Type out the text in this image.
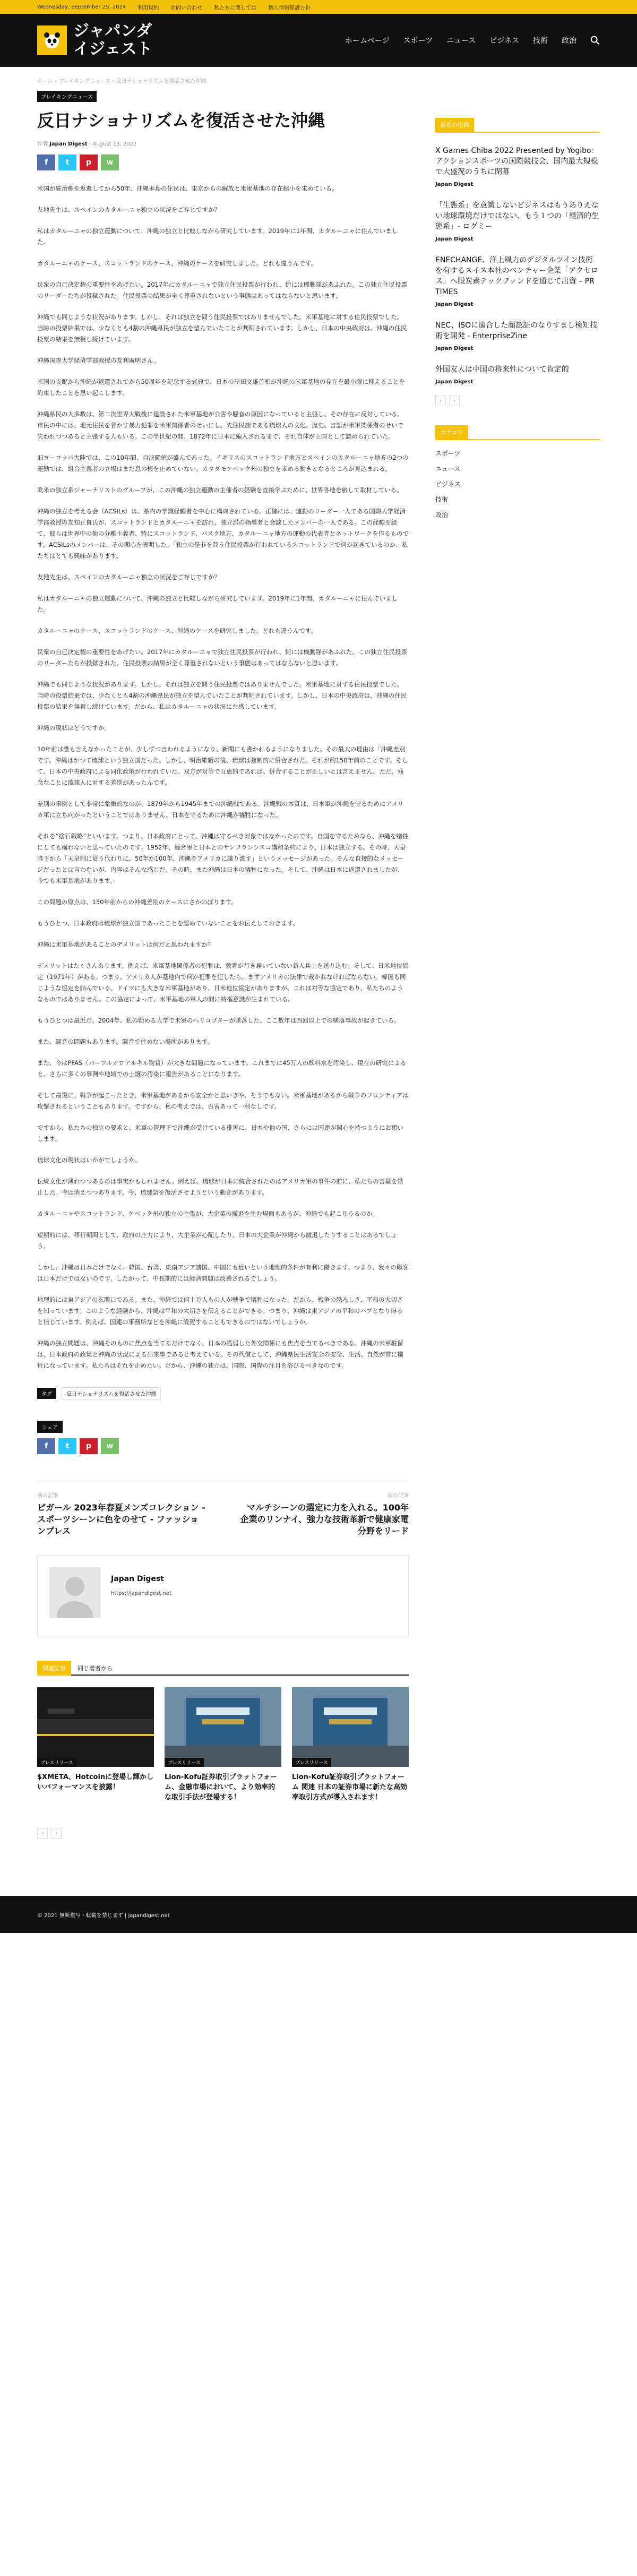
Wednesday, September 25, 2024 利用規約 お問い合わせ 私たちに関しては 個人情報保護方針
ジャパンダ
イジェスト	ホームページ スポーツ ニュース ビジネス 技術 政治
ホーム › ブレイキングニュース › 反日ナショナリズムを復活させた沖縄
ブレイキングニュース
反日ナショナリズムを復活させた沖縄
作者 Japan Digest - August 13, 2022
f t p w

米国が統治権を返還してから50年、沖縄本島の住民は、東京からの解放と米軍基地の存在縮小を求めている。

友地先生は、スペインのカタルーニャ独立の状況をご存じですか？

私はカタルーニャの独立運動について、沖縄の独立と比較しながら研究しています。2019年に1年間、カタルーニャに住んでいました。

カタルーニャのケース、スコットランドのケース、沖縄のケースを研究しました。どれも違うんです。

民衆の自己決定権の重要性をあげたい。2017年にカタルーニャで独立住民投票が行われ、街には機動隊があふれた。この独立住民投票のリーダーたちが投獄された。住民投票の結果が全く尊重されないという事態はあってはならないと思います。

沖縄でも同じような状況があります。しかし、それは独立を問う住民投票ではありませんでした。米軍基地に対する住民投票でした。当時の投票結果では、少なくとも4割の沖縄県民が独立を望んでいたことが判明されています。しかし、日本の中央政府は、沖縄の住民投票の結果を無視し続けています。

沖縄国際大学経済学部教授の友利廣明さん。

米国の支配から沖縄が返還されてから50周年を記念する式典で、日本の岸田文雄首相が沖縄の米軍基地の存在を最小限に抑えることを約束したことを思い起こします。

沖縄県民の大多数は、第二次世界大戦後に建設された米軍基地が公害や騒音の原因になっていると主張し、その存在に反対している。市民の中には、地元住民を脅かす暴力犯罪を米軍関係者のせいにし、先住民族である琉球人の文化、歴史、言語が米軍関係者のせいで失われつつあると主張する人もいる。この半世紀の間、1872年に日本に編入されるまで、それ自体が王国として認められていた。

旧ヨーロッパ大陸では、この10年間、自決闘値が盛んであった。イギリスのスコットランド地方とスペインのカタルーニャ地方の2つの運動では、組合主義者の立場はまだ息の根を止めていない。カタダモケベック州の独立を求める動きとなるところが見込まれる。

欧米の独立系ジャーナリストのグループが、この沖縄の独立運動の主催者の経験を直接学ぶために、世界各地を旅して取材している。

沖縄の独立を考える会（ACSILs）は、県内の学識経験者を中心に構成されている。正確には、運動のリーダー一人である国際大学経済学部教授の友知正貴氏が、スコットランドとカタルーニャを訪れ、独立派の指導者と会談したメンバーの一人である。この経験を経て、彼らは世界中の他の分離主義者、特にスコットランド、バスク地方、カタルーニャ地方の運動の代表者とネットワークを作るものです。ACSILsのメンバーは、その関心を表明した。「独立の是非を問う住民投票が行われているスコットランドで何が起きているのか、私たちはとても興味があります。

友地先生は、スペインのカタルーニャ独立の状況をご存じですか？

私はカタルーニャの独立運動について、沖縄の独立と比較しながら研究しています。2019年に1年間、カタルーニャに住んでいました。

カタルーニャのケース、スコットランドのケース、沖縄のケースを研究しました。どれも違うんです。

民衆の自己決定権の重要性をあげたい。2017年にカタルーニャで独立住民投票が行われ、街には機動隊があふれた。この独立住民投票のリーダーたちが投獄された。住民投票の結果が全く尊重されないという事態はあってはならないと思います。

沖縄でも同じような状況があります。しかし、それは独立を問う住民投票ではありませんでした。米軍基地に対する住民投票でした。当時の投票結果では、少なくとも4割の沖縄県民が独立を望んでいたことが判明されています。しかし、日本の中央政府は、沖縄の住民投票の結果を無視し続けています。だから、私はカタルーニャの状況に共感しています。

沖縄の現状はどうですか。

10年前は誰も言えなかったことが、少しずつ言われるようになり、新聞にも書かれるようになりました。その最大の理由は「沖縄差別」です。沖縄はかつて琉球という独立国だった。しかし、明治維新の後、琉球は強制的に併合された。それが約150年前のことです。そして、日本の中央政府による同化政策が行われていた。双方が対等で互恵的であれば、併合することが正しいとは言えません。ただ、残念なことに琉球人に対する差別があったんです。

差別の事例として非常に象徴的なのが、1879年から1945年までの沖縄戦である。沖縄戦の本質は、日本軍が沖縄を守るためにアメリカ軍に立ち向かったということではありません。日本を守るために沖縄が犠牲になった。

それを“捨石戦略”といいます。つまり、日本政府にとって、沖縄は守るべき対象ではなかったのです。自国を守るためなら、沖縄を犠牲にしても構わないと思っていたのです。1952年、連合軍と日本とのサンフランシスコ講和条約により、日本は独立する。その時、天皇陛下から「天皇制に従う代わりに、50年か100年、沖縄をアメリカに譲り渡す」というメッセージがあった。そんな直接的なメッセージだったとは言わないが、内容はそんな感じだ。その時、また沖縄は日本の犠牲になった。そして、沖縄は日本に返還されましたが、今でも米軍基地があります。

この問題の原点は、150年前からの沖縄差別のケースにさかのぼります。

もうひとつ、日本政府は琉球が独立国であったことを認めていないことをお伝えしておきます。

沖縄に米軍基地があることのデメリットは何だと思われますか？

デメリットはたくさんあります。例えば、米軍基地関係者の犯罪は、教育が行き届いていない新人兵士を送り込む。そして、日米地位協定（1971年）がある。つまり、アメリカ人が基地内で何か犯罪を犯したら、まずアメリカの法律で裁かれなければならない。韓国も同じような協定を結んでいる。ドイツにも大きな米軍基地があり、日米地位協定がありますが、これは対等な協定であり、私たちのようなものではありません。この協定によって、米軍基地の軍人の間に特権意識が生まれている。

もうひとつは最近だ。2004年、私の勤める大学で米軍のヘリコプターが墜落した。ここ数年は四回以上での墜落事故が起きている。

また、騒音の問題もあります。騒音で住めない場所があります。

また、今はPFAS（パーフルオロアルキル物質）が大きな問題になっています。これまでに45万人の飲料水を汚染し、現在の研究によると、さらに多くの事例や地域での土壌の汚染に報告があることになります。

そして最後に、戦争が起こったとき、米軍基地があるから安全かと思いきや、そうでもない。米軍基地があるから戦争のフロンティアは攻撃されるということもあります。ですから、私の考えでは、百害あって一利なしです。

ですから、私たちの独立の要求と、米軍の管理下で沖縄が受けている排害に、日本や他の国、さらには国連が関心を持つようにお願いします。

琉球文化の現状はいかがでしょうか。

伝統文化が薄れつつあるのは事実かもしれません。例えば、琉球が日本に統合されたのはアメリカ軍の事件の前に、私たちの言葉を禁止した。今は消えつつあります。今、琉球語を復活させようという動きがあります。

カタルーニャやスコットランド、ケベック州の独立の主張が、大企業の撤退を生む場面もあるが、沖縄でも起こりうるのか。

短期的には、移行期間として、政府の庄力により、大企業が心配したり、日本の大企業が沖縄から撤退したりすることはあるでしょう。

しかし、沖縄は日本だけでなく、韓国、台湾、東南アジア諸国、中国にも近いという地理的条件が有利に働きます。つまり、我々の顧客は日本だけではないのです。したがって、中長期的には経済問題は改善されるでしょう。

地理的には東アジアの玄関口である。また、沖縄では何十万人もの人が戦争で犠牲になった。だから、戦争の恐ろしさ、平和の大切さを知っています。このような経験から、沖縄は平和の大切さを伝えることができる。つまり、沖縄は東アジアの平和のハブとなり得ると信じています。例えば、国連の事務所などを沖縄に設置することもできるのではないでしょうか。

沖縄の独立問題は、沖縄そのものに焦点を当てるだけでなく、日本の脆弱した外交関係にも焦点を当てるべきである。沖縄の米軍駐留は、日本政府の政策と沖縄の状況による出来事であると考えている。その代償として、沖縄県民生活安全の安全、生活、自然が常に犠牲になっています。私たちはそれを止めたい。だから、沖縄の独立は、国際、国際の注目を浴びるべきなのです。

タグ	反日ナショナリズムを復活させた沖縄
シェア
f t p w
前の記事
ピガール 2023年春夏メンズコレクション - スポーツシーンに色をのせて - ファッションプレス
次の記事
マルチシーンの選定に力を入れる。100年企業のリンナイ、強力な技術革新で健康家電分野をリード
Japan Digest
https://japandigest.net
関連記事	同じ著者から
プレスリリース
$XMETA、Hotcoinに登場し輝かしいパフォーマンスを披露！
プレスリリース
Lion-Kofu証券取引プラットフォーム、金融市場において、より効率的な取引手法が登場する！
プレスリリース
Lion-Kofu証券取引プラットフォーム 関連 日本の証券市場に新たな高効率取引方式が導入されます！
‹	›
最近の投稿
X Games Chiba 2022 Presented by Yogibo：アクションスポーツの国際競技会、国内最大規模で大盛況のうちに閉幕
Japan Digest
「生態系」を意識しないビジネスはもうありえない地球環境だけではない、もう１つの「経済的生態系」- ログミー
Japan Digest
ENECHANGE、洋上風力のデジタルツイン技術を有するスイス本社のベンチャー企業「アクセロス」へ脱炭素テックファンドを通じて出資 – PR TIMES
Japan Digest
NEC、ISOに適合した顔認証のなりすまし検知技術を開発 - EnterpriseZine
Japan Digest
外国友人は中国の将来性について肯定的
Japan Digest
‹	›
カテゴリ
スポーツ
ニュース
ビジネス
技術
政治
© 2021 無断複写・転載を禁じます | japandigest.net
